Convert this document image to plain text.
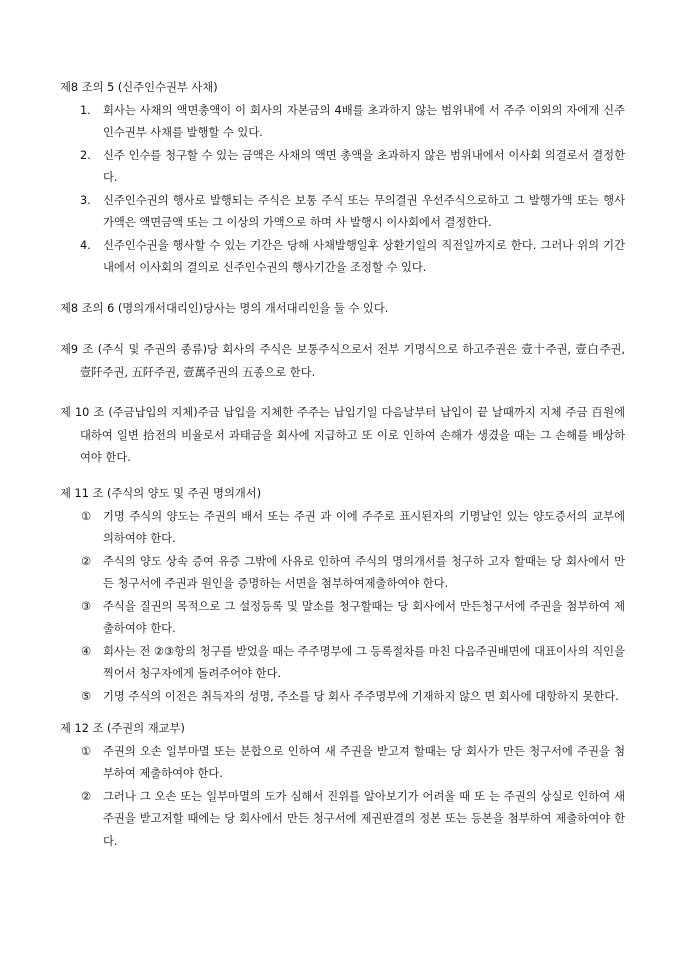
제8 조의 5 (신주인수권부 사채)
1.	회사는 사채의 액면총액이 이 회사의 자본금의 4배를 초과하지 않는 범위내에 서 주주 이외의 자에게 신주인수권부 사채를 발행할 수 있다.
2.	신주 인수를 청구할 수 있는 금액은 사채의 액면 총액을 초과하지 않은 범위내에서 이사회 의결로서 결정한다.
3.	신주인수권의 행사로 발행되는 주식은 보통 주식 또는 무의결권 우선주식으로하고 그 발행가액 또는 행사가액은 액면금액 또는 그 이상의 가액으로 하며 사 발행시 이사회에서 결정한다.
4.	신주인수권을 행사할 수 있는 기간은 당해 사채발행일후 상환기일의 직전일까지로 한다. 그러나 위의 기간내에서 이사회의 결의로 신주인수권의 행사기간을 조정할 수 있다.
제8 조의 6 (명의개서대리인)당사는 명의 개서대리인을 둘 수 있다.
제9 조 (주식 및 주권의 종류)당 회사의 주식은 보통주식으로서 전부 기명식으로 하고주권은 壹十주권, 壹白주권, 壹阡주권, 五阡주권, 壹萬주권의 五종으로 한다.
제 10 조 (주금납입의 지체)주금 납입을 지체한 주주는 납입기일 다음날부터 납입이 끝 날때까지 지체 주금 百원에 대하여 일변 拾전의 비율로서 과태금을 회사에 지급하고 또 이로 인하여 손해가 생겼을 때는 그 손해를 배상하여야 한다.
제 11 조 (주식의 양도 및 주권 명의개서)
①	기명 주식의 양도는 주권의 배서 또는 주권 과 이에 주주로 표시된자의 기명날인 있는 양도증서의 교부에 의하여야 한다.
②	주식의 양도 상속 증여 유증 그밖에 사유로 인하여 주식의 명의개서를 청구하 고자 할때는 당 회사에서 만든 청구서에 주권과 원인을 증명하는 서면을 첨부하여제출하여야 한다.
③	주식을 질권의 목적으로 그 설정등록 및 말소를 청구할때는 당 회사에서 만든청구서에 주권을 첨부하여 제출하여야 한다.
④	회사는 전 ②③항의 청구를 받었을 때는 주주명부에 그 등록절차를 마친 다음주권배면에 대표이사의 직인을 찍어서 청구자에게 돌려주어야 한다.
⑤	기명 주식의 이전은 취득자의 성명, 주소를 당 회사 주주명부에 기재하지 않으 면 회사에 대항하지 못한다.
제 12 조 (주권의 재교부)
①	주권의 오손 일부마멸 또는 분합으로 인하여 새 주권을 받고져 할때는 당 회사가 만든 청구서에 주권을 첨부하여 제출하여야 한다.
②	그러나 그 오손 또는 일부마멸의 도가 심해서 진위를 알아보기가 어려울 때 또 는 주권의 상실로 인하여 새 주권을 받고저할 때에는 당 회사에서 만든 청구서에 제권판결의 정본 또는 등본을 첨부하여 제출하여야 한다.
